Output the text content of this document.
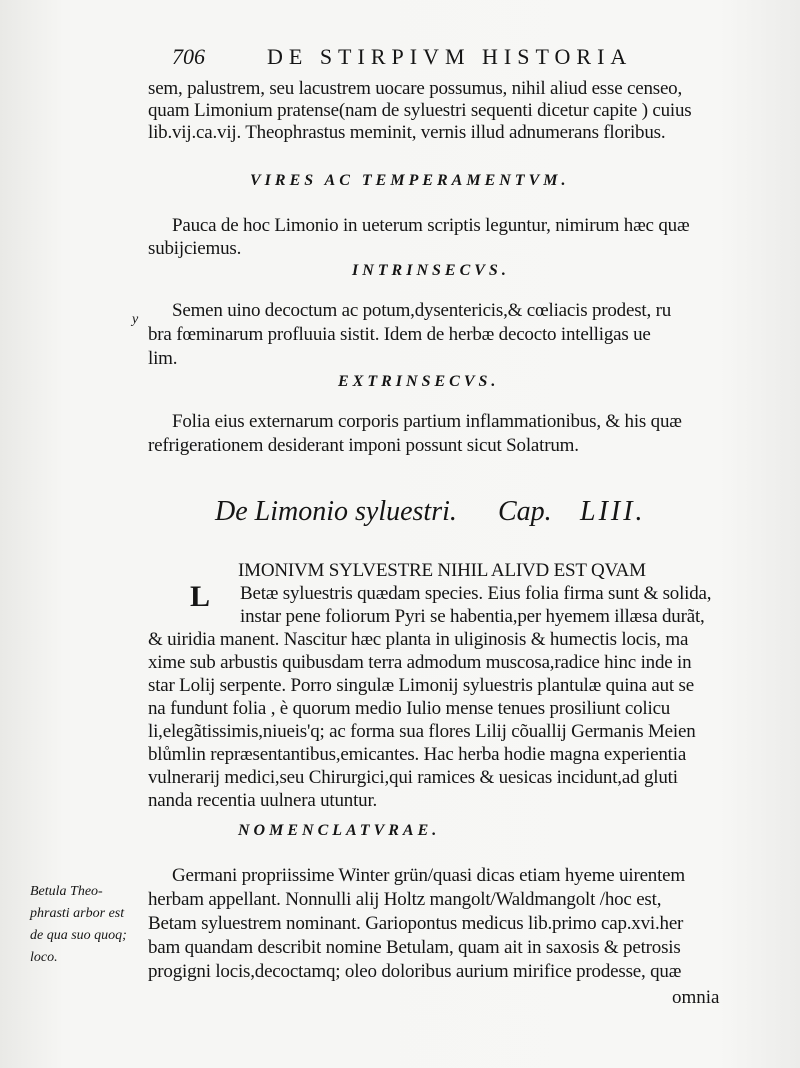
706	DE STIRPIVM HISTORIA
sem, palustrem, seu lacustrem uocare possumus, nihil aliud esse censeo,
quam Limonium pratense(nam de syluestri sequenti dicetur capite ) cuius
lib.vij.ca.vij. Theophrastus meminit, vernis illud adnumerans floribus.
VIRES AC TEMPERAMENTVM.
Pauca de hoc Limonio in ueterum scriptis leguntur, nimirum hæc quæ
subijciemus.
INTRINSECVS.
y Semen uino decoctum ac potum,dysentericis,& cœliacis prodest, ru
bra fœminarum profluuia sistit. Idem de herbæ decocto intelligas ue
lim.
EXTRINSECVS.
Folia eius externarum corporis partium inflammationibus, & his quæ
refrigerationem desiderant imponi possunt sicut Solatrum.
De Limonio syluestri. Cap. LIII.
L
IMONIVM SYLVESTRE NIHIL ALIVD EST QVAM
Betæ syluestris quædam species. Eius folia firma sunt & solida,
instar pene foliorum Pyri se habentia,per hyemem illæsa durãt,
& uiridia manent. Nascitur hæc planta in uliginosis & humectis locis, ma
xime sub arbustis quibusdam terra admodum muscosa,radice hinc inde in
star Lolij serpente. Porro singulæ Limonij syluestris plantulæ quina aut se
na fundunt folia , è quorum medio Iulio mense tenues prosiliunt colicu
li,elegãtissimis,niueis'q; ac forma sua flores Lilij cõuallij Germanis Meien
blůmlin repræsentantibus,emicantes. Hac herba hodie magna experientia
vulnerarij medici,seu Chirurgici,qui ramices & uesicas incidunt,ad gluti
nanda recentia uulnera utuntur.
NOMENCLATVRAE.
Germani propriissime Winter grün/quasi dicas etiam hyeme uirentem
herbam appellant. Nonnulli alij Holtz mangolt/Waldmangolt /hoc est,
Betam syluestrem nominant. Gariopontus medicus lib.primo cap.xvi.her
bam quandam describit nomine Betulam, quam ait in saxosis & petrosis
progigni locis,decoctamq; oleo doloribus aurium mirifice prodesse, quæ
omnia
Betula Theo-
phrasti arbor est
de qua suo quoq;
loco.
